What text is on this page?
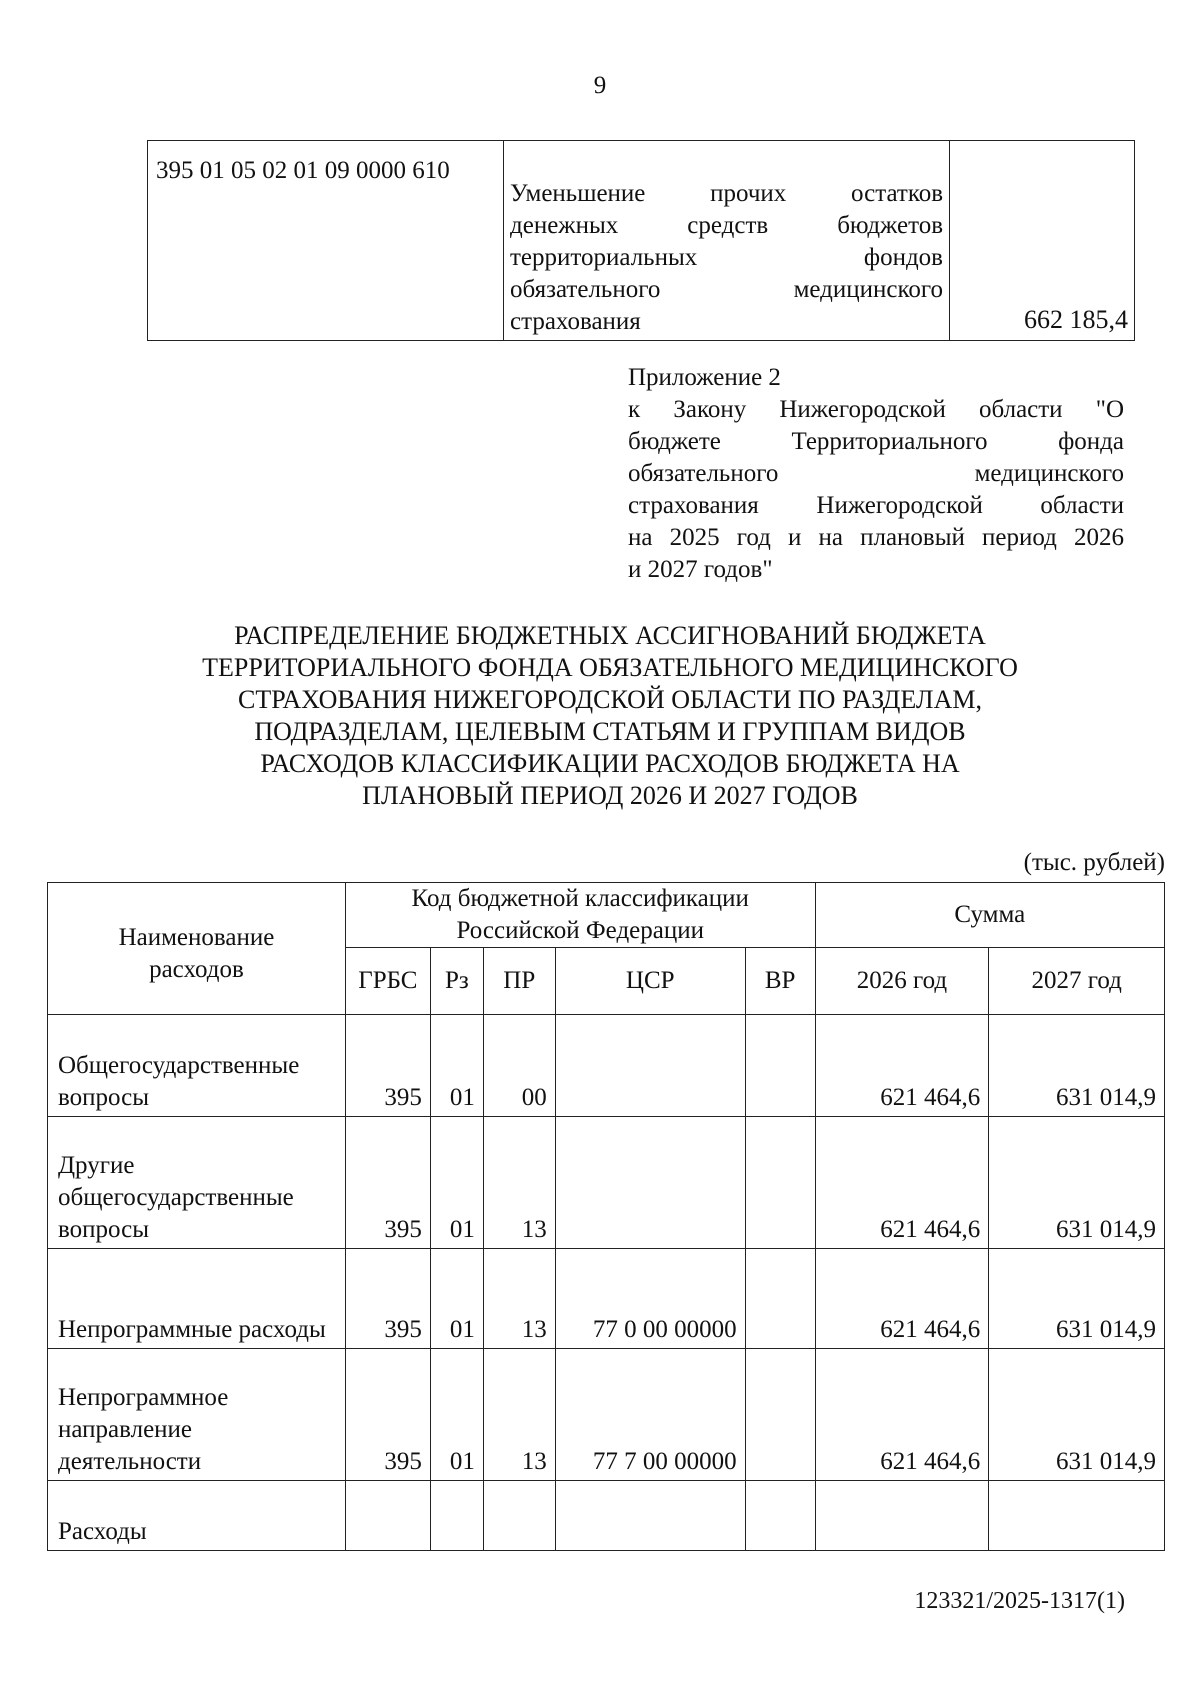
9
395 01 05 02 01 09 0000 610	
Уменьшение прочих остатков
денежных средств бюджетов
территориальных фондов
обязательного медицинского
страхования	662 185,4
Приложение 2
к Закону Нижегородской области "О
бюджете Территориального фонда
обязательного медицинского
страхования Нижегородской области
на 2025 год и на плановый период 2026
и 2027 годов"
РАСПРЕДЕЛЕНИЕ БЮДЖЕТНЫХ АССИГНОВАНИЙ БЮДЖЕТА
ТЕРРИТОРИАЛЬНОГО ФОНДА ОБЯЗАТЕЛЬНОГО МЕДИЦИНСКОГО
СТРАХОВАНИЯ НИЖЕГОРОДСКОЙ ОБЛАСТИ ПО РАЗДЕЛАМ,
ПОДРАЗДЕЛАМ, ЦЕЛЕВЫМ СТАТЬЯМ И ГРУППАМ ВИДОВ
РАСХОДОВ КЛАССИФИКАЦИИ РАСХОДОВ БЮДЖЕТА НА
ПЛАНОВЫЙ ПЕРИОД 2026 И 2027 ГОДОВ
(тыс. рублей)
Наименование расходов	Код бюджетной классификации Российской Федерации					Сумма	
	ГРБС	Рз	ПР	ЦСР	ВР	2026 год	2027 год
Общегосударственные вопросы	395	01	00			621 464,6	631 014,9
Другие общегосударственные вопросы	395	01	13			621 464,6	631 014,9
Непрограммные расходы	395	01	13	77 0 00 00000		621 464,6	631 014,9
Непрограммное направление деятельности	395	01	13	77 7 00 00000		621 464,6	631 014,9
Расходы							
123321/2025-1317(1)
